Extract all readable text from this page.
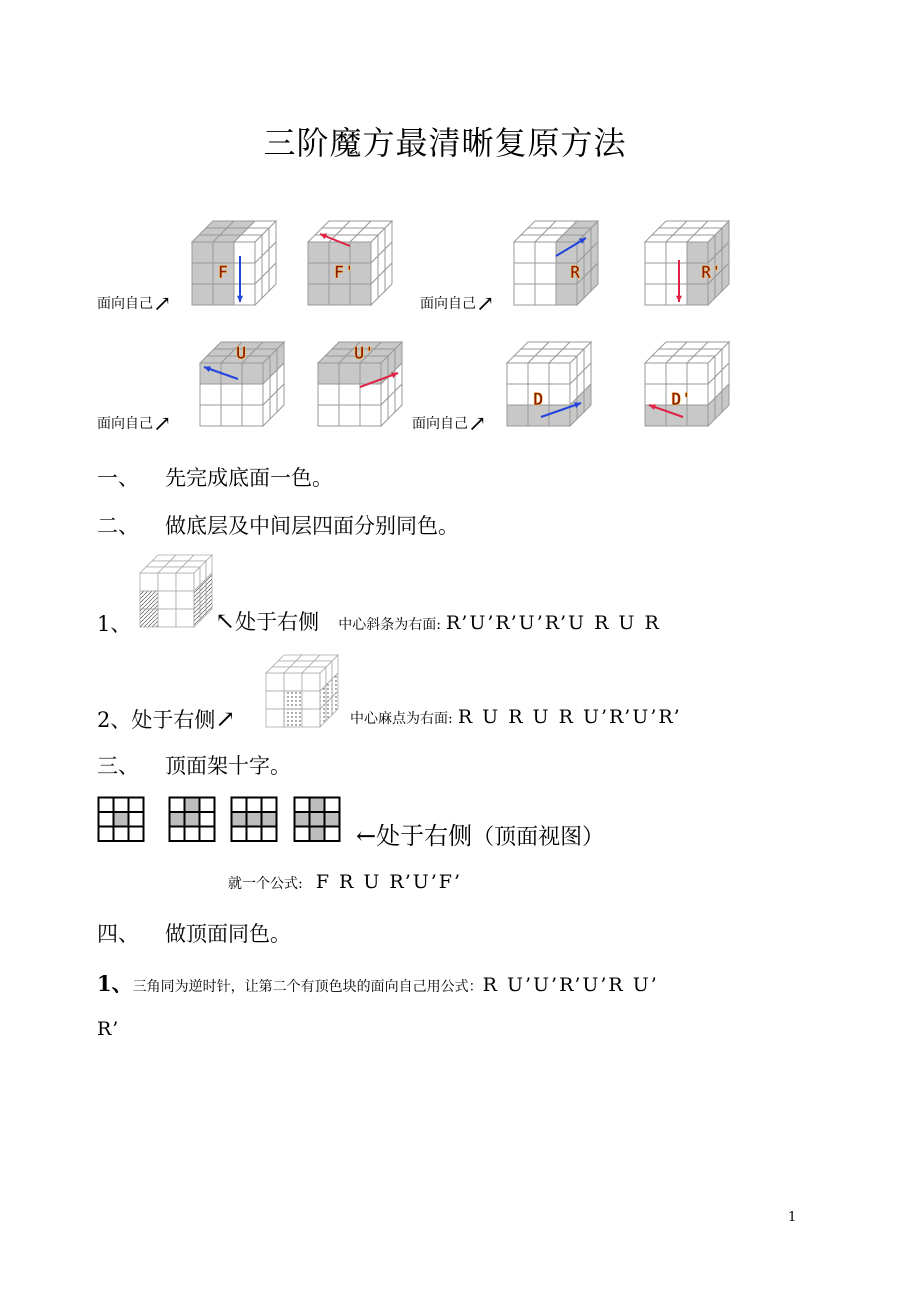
三阶魔方最清晰复原方法
F	F'	R	R'
U	U'
D	D'
面向自己↗	面向自己↗
面向自己↗	面向自己↗
一、 先完成底面一色。
二、 做底层及中间层四面分别同色。
1、	↖处于右侧 中心斜条为右面: R’U’R’U’R’U R U R
2、处于右侧↗	中心麻点为右面: R U R U R U’R’U’R’
三、 顶面架十字。
←处于右侧（顶面视图）
就一个公式: F R U R’U’F’
四、 做顶面同色。
1、三角同为逆时针，让第二个有顶色块的面向自己用公式：R U’U’R’U’R U’
R’
1
